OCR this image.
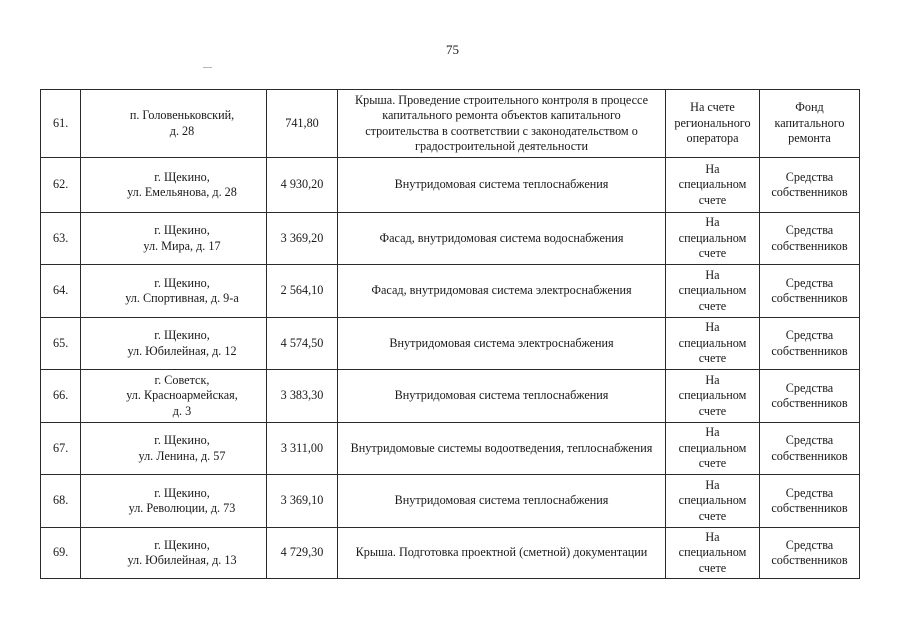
75
61.	п. Головеньковский,
д. 28	741,80	Крыша. Проведение строительного контроля в процессе
капитального ремонта объектов капитального
строительства в соответствии с законодательством о
градостроительной деятельности	На счете
регионального
оператора	Фонд
капитального
ремонта

62.	г. Щекино,
ул. Емельянова, д. 28	4 930,20	Внутридомовая система теплоснабжения	На
специальном
счете	Средства
собственников

63.	г. Щекино,
ул. Мира, д. 17	3 369,20	Фасад, внутридомовая система водоснабжения	На
специальном
счете	Средства
собственников

64.	г. Щекино,
ул. Спортивная, д. 9-а	2 564,10	Фасад, внутридомовая система электроснабжения	На
специальном
счете	Средства
собственников

65.	г. Щекино,
ул. Юбилейная, д. 12	4 574,50	Внутридомовая система электроснабжения	На
специальном
счете	Средства
собственников

66.	г. Советск,
ул. Красноармейская,
д. 3	3 383,30	Внутридомовая система теплоснабжения	На
специальном
счете	Средства
собственников

67.	г. Щекино,
ул. Ленина, д. 57	3 311,00	Внутридомовые системы водоотведения, теплоснабжения	На
специальном
счете	Средства
собственников

68.	г. Щекино,
ул. Революции, д. 73	3 369,10	Внутридомовая система теплоснабжения	На
специальном
счете	Средства
собственников

69.	г. Щекино,
ул. Юбилейная, д. 13	4 729,30	Крыша. Подготовка проектной (сметной) документации	На
специальном
счете	Средства
собственников
